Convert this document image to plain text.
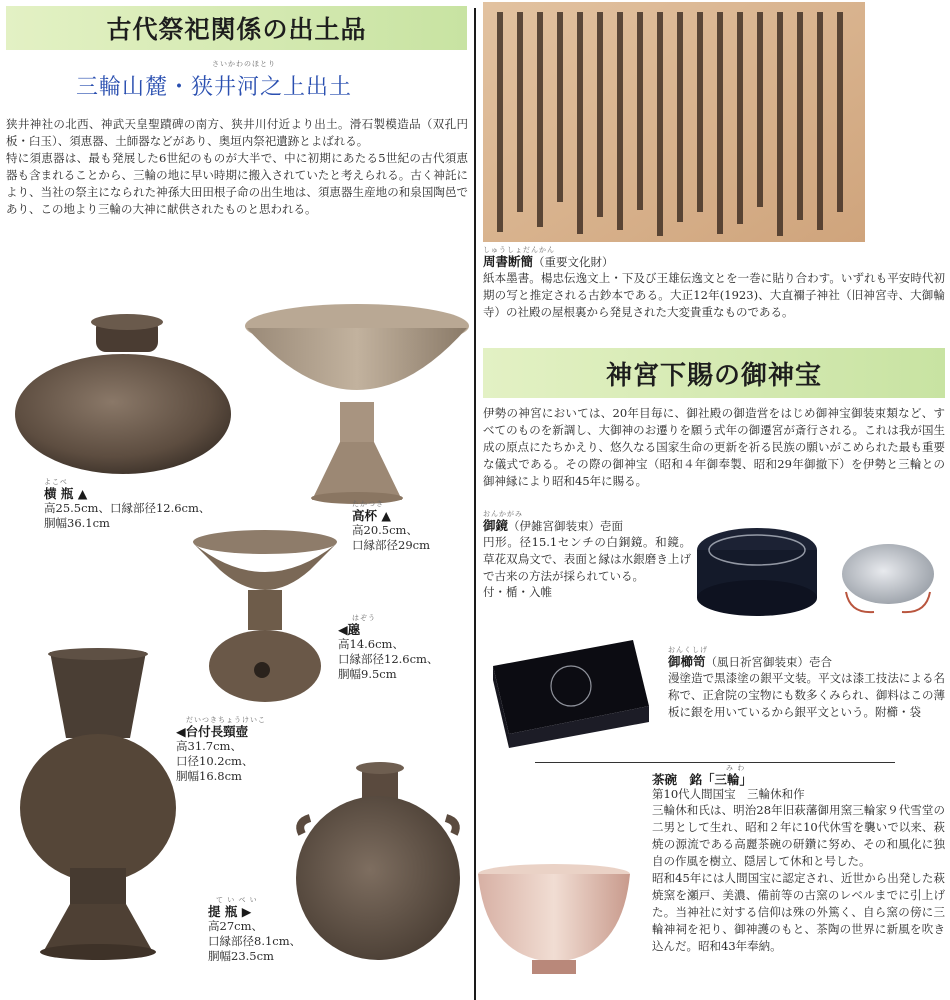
古代祭祀関係の出土品
さいかわのほとり
三輪山麓・狭井河之上出土

狭井神社の北西、神武天皇聖蹟碑の南方、狭井川付近より出土。滑石製模造品（双孔円板・臼玉）、須恵器、土師器などがあり、奥垣内祭祀遺跡とよばれる。

特に須恵器は、最も発展した6世紀のものが大半で、中に初期にあたる5世紀の古代須恵器も含まれることから、三輪の地に早い時期に搬入されていたと考えられる。古く神託により、当社の祭主になられた神孫大田田根子命の出生地は、須恵器生産地の和泉国陶邑であり、この地より三輪の大神に献供されたものと思われる。

よこべ
横 瓶 ▲
高25.5cm、口縁部径12.6cm、
胴幅36.1cm
たかつき
高杯 ▲
高20.5cm、
口縁部径29cm
はぞう
◀𤭯
高14.6cm、
口縁部径12.6cm、
胴幅9.5cm
だいつきちょうけいこ
◀台付長頸壺
高31.7cm、
口径10.2cm、
胴幅16.8cm
て い べ い
提 瓶 ▶
高27cm、
口縁部径8.1cm、
胴幅23.5cm
しゅうしょだんかん
周書断簡（重要文化財）
紙本墨書。楊忠伝逸文上・下及び王雄伝逸文とを一巻に貼り合わす。いずれも平安時代初期の写と推定される古鈔本である。大正12年(1923)、大直禰子神社（旧神宮寺、大御輪寺）の社殿の屋根裏から発見された大変貴重なものである。
神宮下賜の御神宝
伊勢の神宮においては、20年目毎に、御社殿の御造営をはじめ御神宝御装束類など、すべてのものを新調し、大御神のお遷りを願う式年の御遷宮が斎行される。これは我が国生成の原点にたちかえり、悠久なる国家生命の更新を祈る民族の願いがこめられた最も重要な儀式である。その際の御神宝（昭和４年御奉製、昭和29年御撤下）を伊勢と三輪との御神縁により昭和45年に賜る。
おんかがみ
御鏡（伊雑宮御装束）壱面
円形。径15.1センチの白銅鏡。和鏡。草花双鳥文で、表面と縁は水銀磨き上げで古来の方法が採られている。
付・楯・入帷
おんくしげ
御櫛笥（風日祈宮御装束）壱合
漫塗造で黒漆塗の銀平文装。平文は漆工技法による名称で、正倉院の宝物にも数多くみられ、御料はこの薄板に銀を用いているから銀平文という。附櫛・袋
み わ
茶碗　銘「三輪」
第10代人間国宝　三輪休和作
三輪休和氏は、明治28年旧萩藩御用窯三輪家９代雪堂の二男として生れ、昭和２年に10代休雪を襲いで以来、萩焼の源流である高麗茶碗の研鑽に努め、その和風化に独自の作風を樹立、隠居して休和と号した。
昭和45年には人間国宝に認定され、近世から出発した萩焼窯を瀬戸、美濃、備前等の古窯のレベルまでに引上げた。当神社に対する信仰は殊の外篤く、自ら窯の傍に三輪神祠を祀り、御神護のもと、茶陶の世界に新風を吹き込んだ。昭和43年奉納。
